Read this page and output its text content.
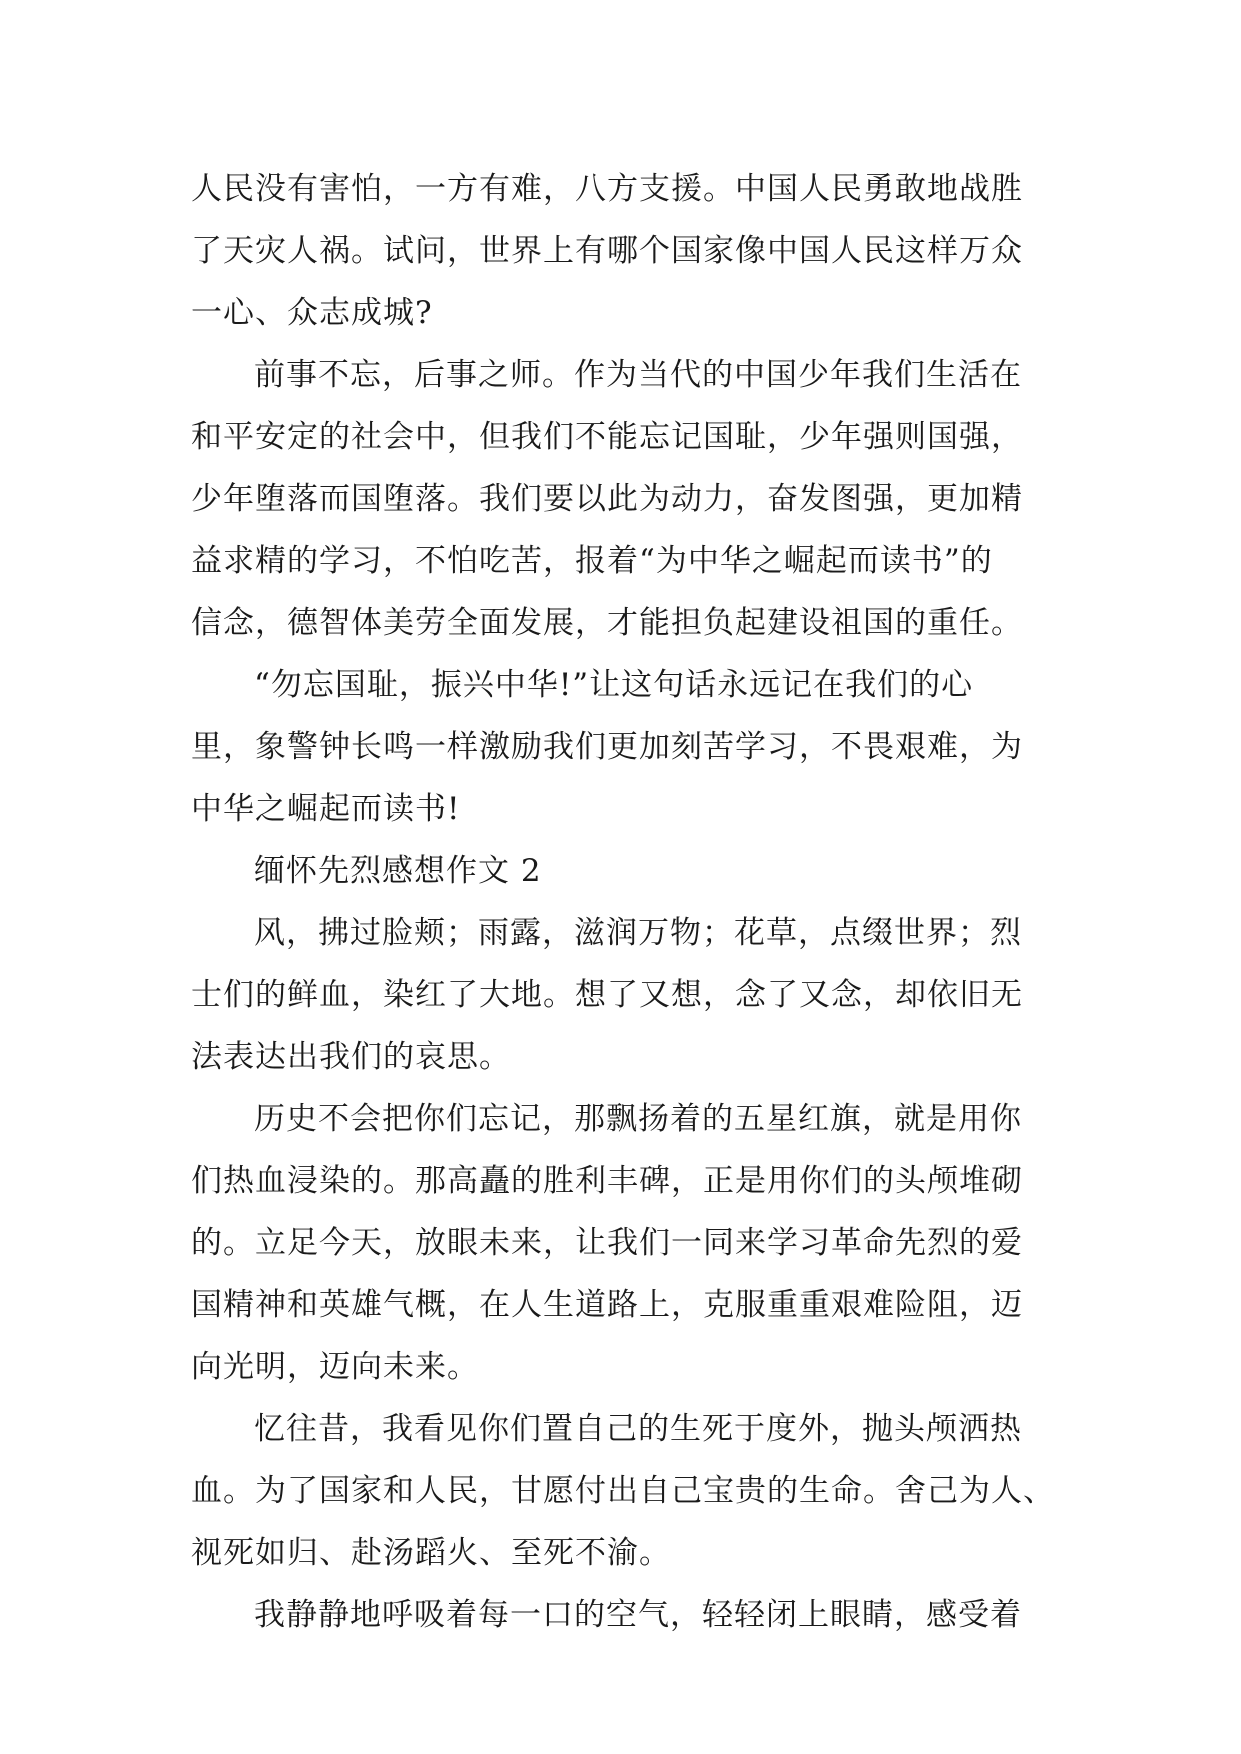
人民没有害怕，一方有难，八方支援。中国人民勇敢地战胜
了天灾人祸。试问，世界上有哪个国家像中国人民这样万众
一心、众志成城?
前事不忘，后事之师。作为当代的中国少年我们生活在
和平安定的社会中，但我们不能忘记国耻，少年强则国强，
少年堕落而国堕落。我们要以此为动力，奋发图强，更加精
益求精的学习，不怕吃苦，报着“为中华之崛起而读书”的
信念，德智体美劳全面发展，才能担负起建设祖国的重任。
“勿忘国耻，振兴中华!”让这句话永远记在我们的心
里，象警钟长鸣一样激励我们更加刻苦学习，不畏艰难，为
中华之崛起而读书!
缅怀先烈感想作文 2
风，拂过脸颊；雨露，滋润万物；花草，点缀世界；烈
士们的鲜血，染红了大地。想了又想，念了又念，却依旧无
法表达出我们的哀思。
历史不会把你们忘记，那飘扬着的五星红旗，就是用你
们热血浸染的。那高矗的胜利丰碑，正是用你们的头颅堆砌
的。立足今天，放眼未来，让我们一同来学习革命先烈的爱
国精神和英雄气概，在人生道路上，克服重重艰难险阻，迈
向光明，迈向未来。
忆往昔，我看见你们置自己的生死于度外，抛头颅洒热
血。为了国家和人民，甘愿付出自己宝贵的生命。舍己为人、
视死如归、赴汤蹈火、至死不渝。
我静静地呼吸着每一口的空气，轻轻闭上眼睛，感受着
